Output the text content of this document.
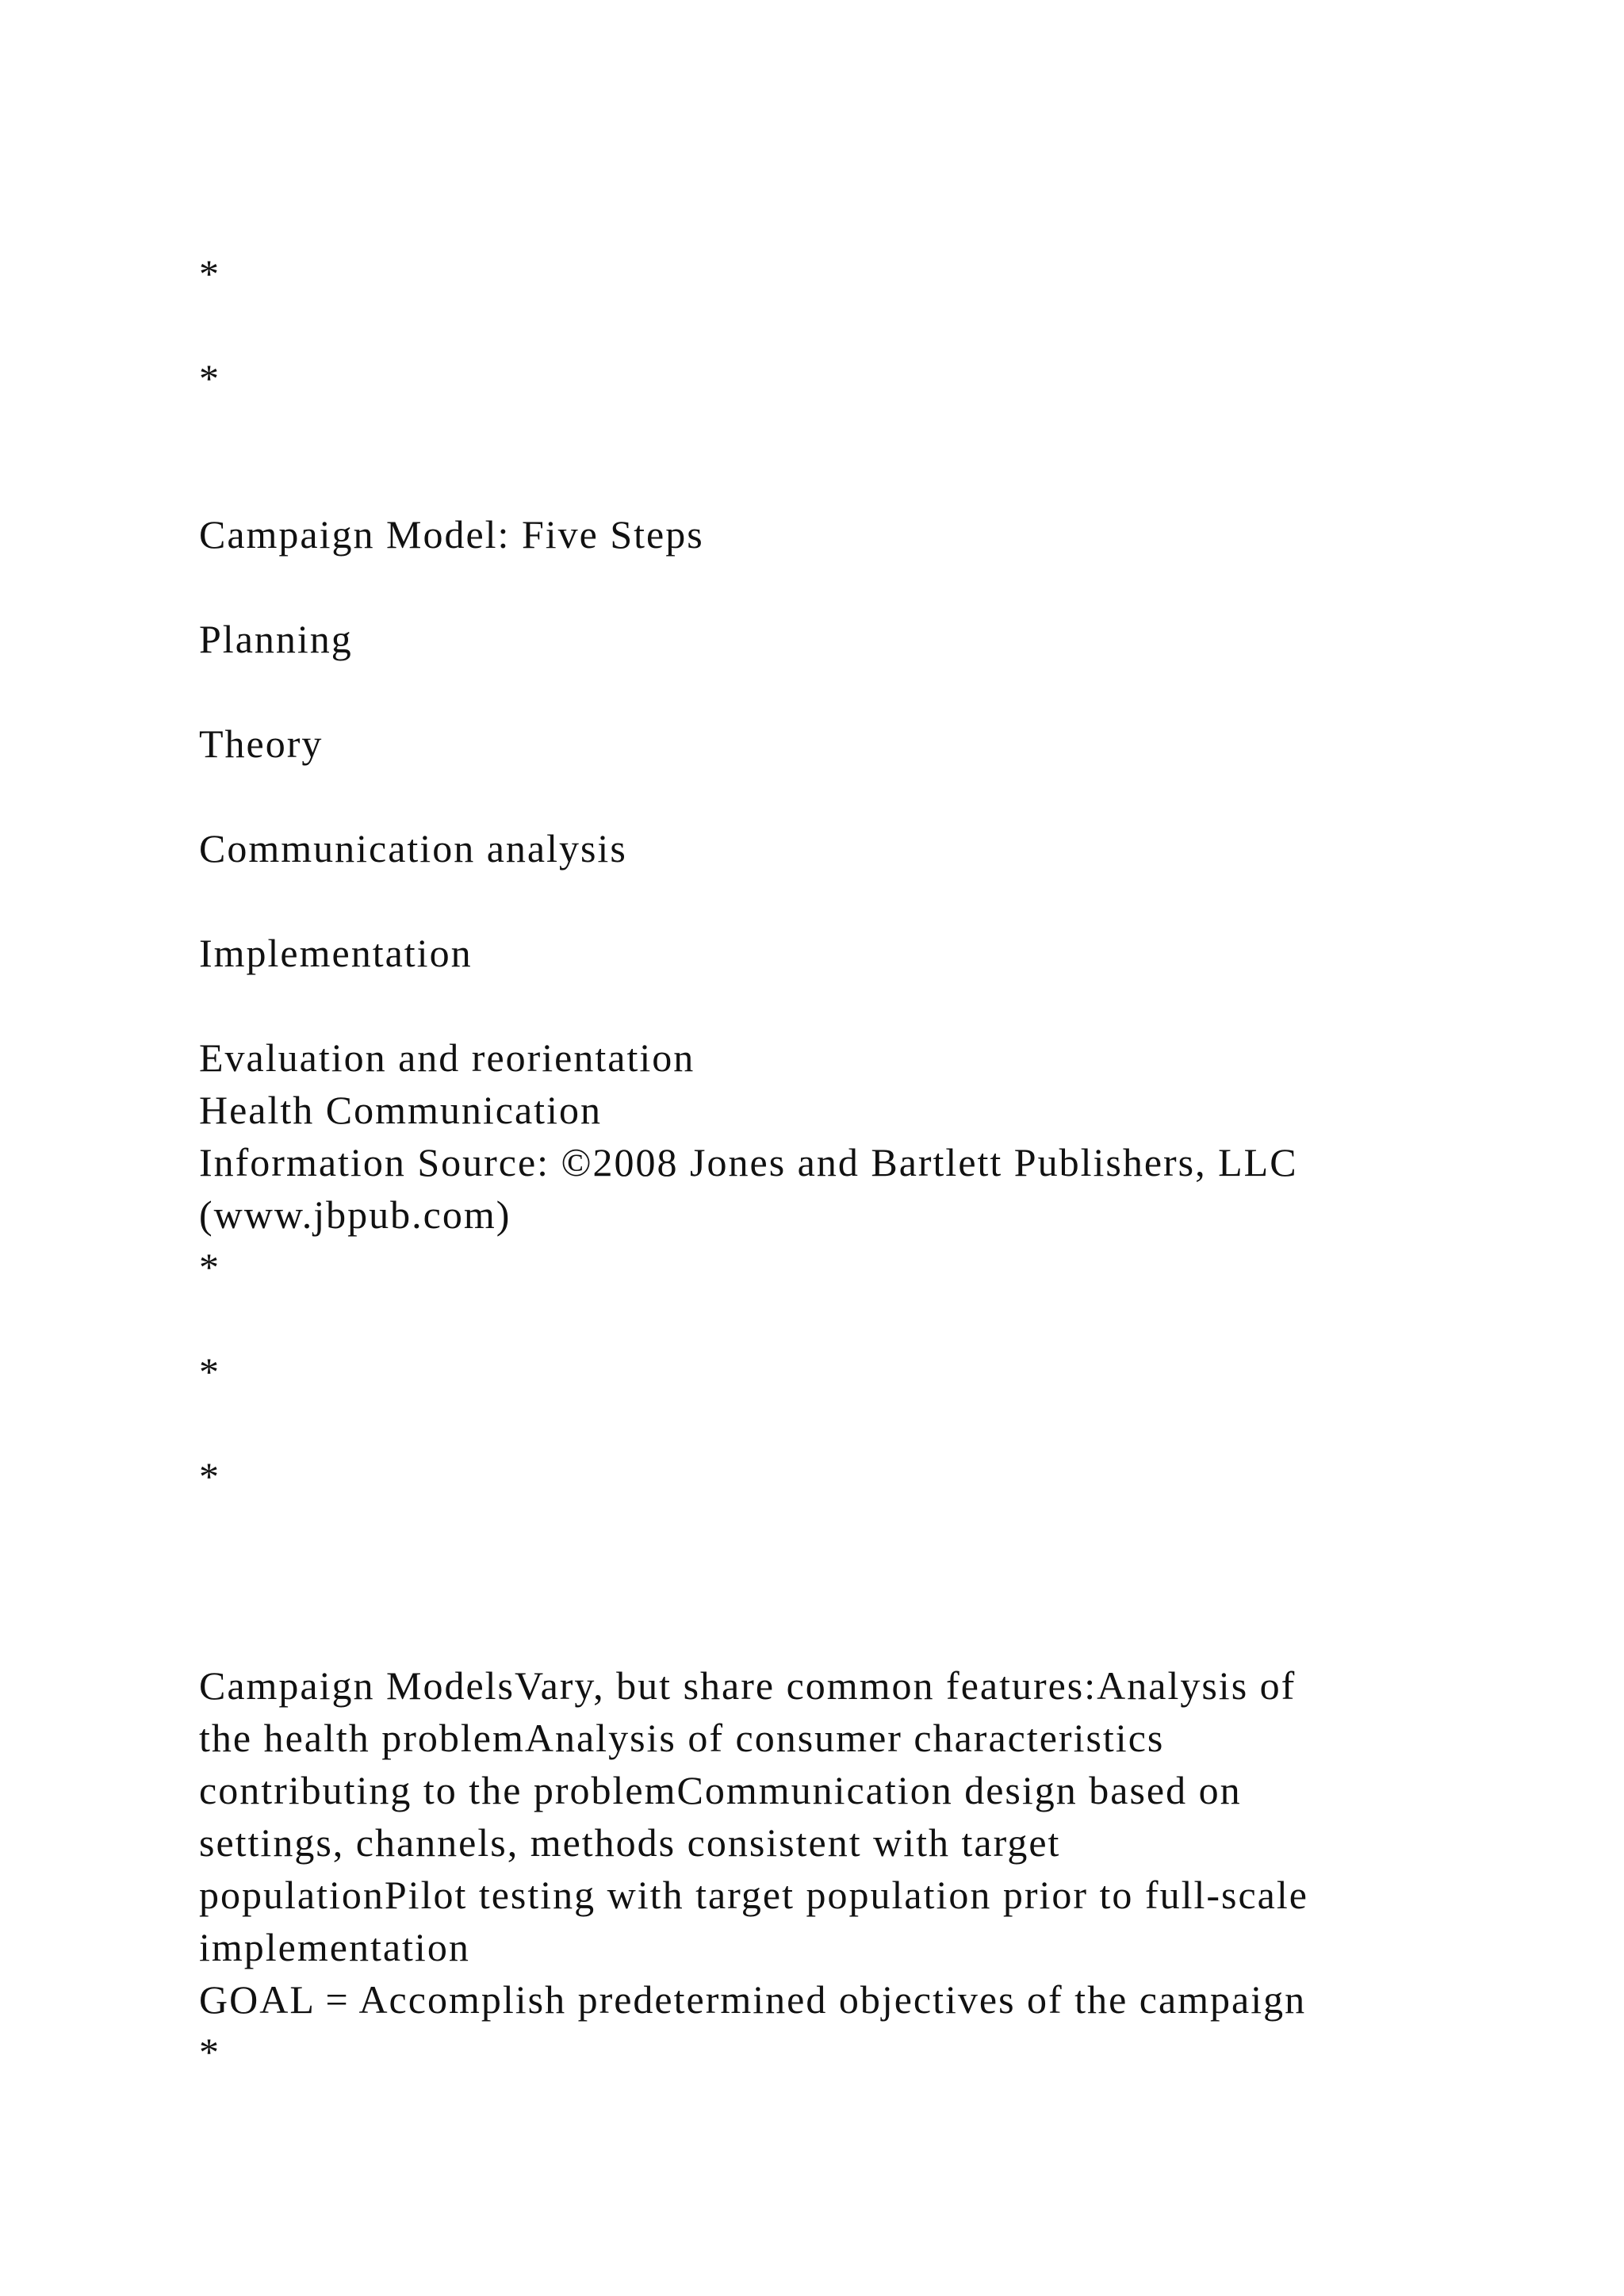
*

*

Campaign Model: Five Steps

Planning

Theory

Communication analysis

Implementation

Evaluation and reorientation

Health Communication

Information Source: ©2008 Jones and Bartlett Publishers, LLC

(www.jbpub.com)

*

*

*

Campaign ModelsVary, but share common features:Analysis of

the health problemAnalysis of consumer characteristics

contributing to the problemCommunication design based on

settings, channels, methods consistent with target

populationPilot testing with target population prior to full-scale

implementation

GOAL = Accomplish predetermined objectives of the campaign

*
